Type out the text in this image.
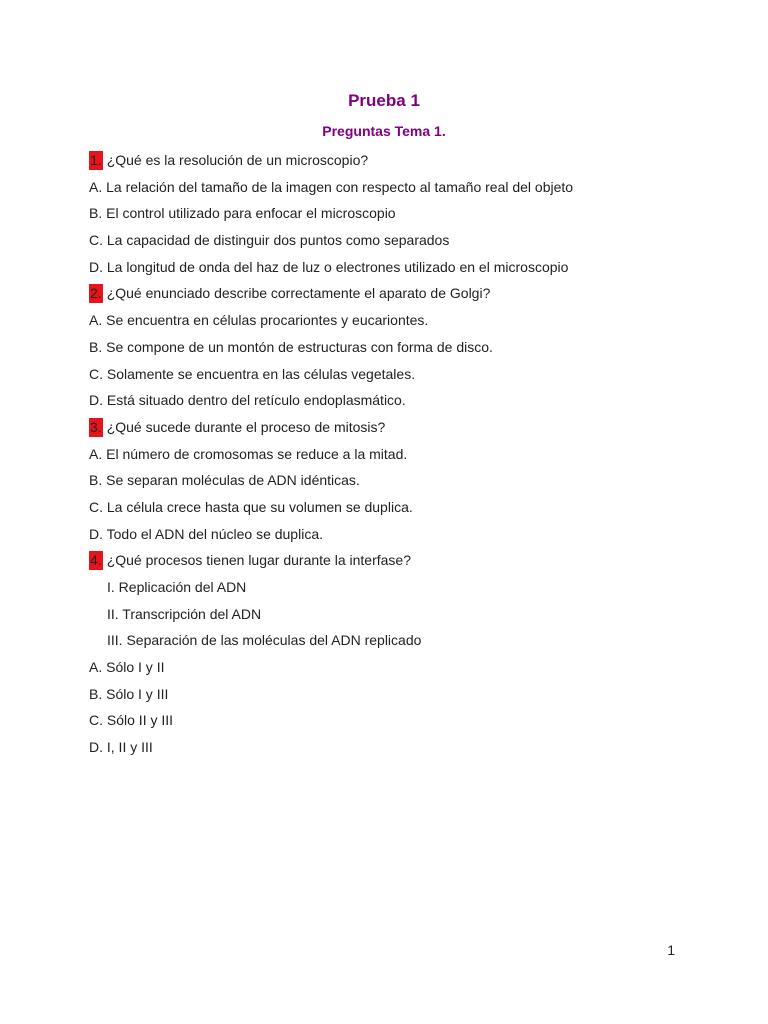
Prueba 1
Preguntas Tema 1.
1. ¿Qué es la resolución de un microscopio?
A. La relación del tamaño de la imagen con respecto al tamaño real del objeto
B. El control utilizado para enfocar el microscopio
C. La capacidad de distinguir dos puntos como separados
D. La longitud de onda del haz de luz o electrones utilizado en el microscopio
2. ¿Qué enunciado describe correctamente el aparato de Golgi?
A. Se encuentra en células procariontes y eucariontes.
B. Se compone de un montón de estructuras con forma de disco.
C. Solamente se encuentra en las células vegetales.
D. Está situado dentro del retículo endoplasmático.
3. ¿Qué sucede durante el proceso de mitosis?
A. El número de cromosomas se reduce a la mitad.
B. Se separan moléculas de ADN idénticas.
C. La célula crece hasta que su volumen se duplica.
D. Todo el ADN del núcleo se duplica.
4. ¿Qué procesos tienen lugar durante la interfase?
I. Replicación del ADN
II. Transcripción del ADN
III. Separación de las moléculas del ADN replicado
A. Sólo I y II
B. Sólo I y III
C. Sólo II y III
D. I, II y III
1
